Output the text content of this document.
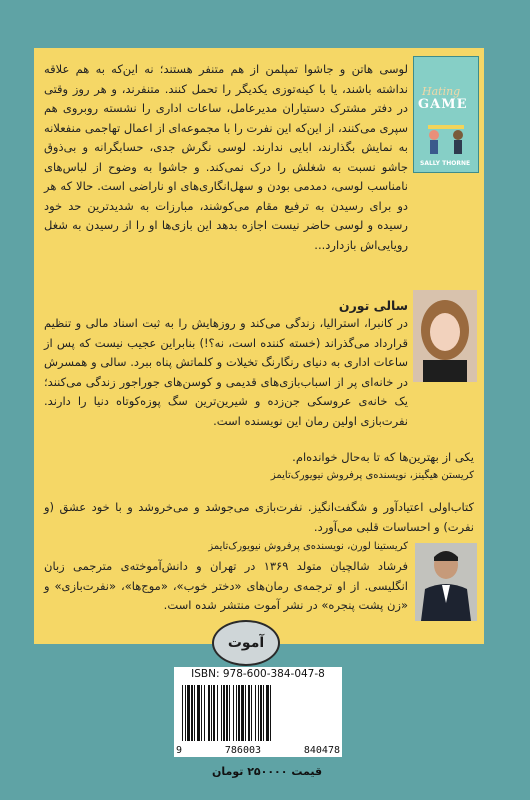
Hating
GAME
SALLY THORNE
لوسی هاتن و جاشوا تمپلمن از هم متنفر هستند؛ نه این‌که به هم علاقه نداشته باشند، یا با کینه‌توزی یکدیگر را تحمل کنند. متنفرند، و هر روز وقتی در دفتر مشترک دستیاران مدیرعامل، ساعات اداری را نشسته روبروی هم سپری می‌کنند، از این‌که این نفرت را با مجموعه‌ای از اعمال تهاجمی منفعلانه به نمایش بگذارند، ابایی ندارند. لوسی نگرش جدی، حسابگرانه و بی‌ذوق جاشو نسبت به شغلش را درک نمی‌کند. و جاشوا به وضوح از لباس‌های نامناسب لوسی، دمدمی بودن و سهل‌انگاری‌های او ناراضی است. حالا که هر دو برای رسیدن به ترفیع مقام می‌کوشند، مبارزات به شدیدترین حد خود رسیده و لوسی حاضر نیست اجازه بدهد این بازی‌ها او را از رسیدن به شغل رویایی‌اش بازدارد...
سالی تورن
در کانبرا، استرالیا، زندگی می‌کند و روزهایش را به ثبت اسناد مالی و تنظیم قرارداد می‌گذراند (خسته کننده است، نه؟!) بنابراین عجیب نیست که پس از ساعات اداری به دنیای رنگارنگ تخیلات و کلماتش پناه ببرد. سالی و همسرش در خانه‌ای پر از اسباب‌بازی‌های قدیمی و کوسن‌های جوراجور زندگی می‌کنند؛ یک خانه‌ی عروسکی جن‌زده و شیرین‌ترین سگ پوزه‌کوتاه دنیا را دارند. نفرت‌بازی اولین رمان این نویسنده است.
یکی از بهترین‌ها که تا به‌حال خوانده‌ام.
کریستن هیگینز، نویسنده‌ی پرفروش نیویورک‌تایمز
کتاب‌اولی اعتیادآور و شگفت‌انگیز. نفرت‌بازی می‌جوشد و می‌خروشد و با خود عشق (و نفرت) و احساسات قلبی می‌آورد.
کریستینا لورن، نویسنده‌ی پرفروش نیویورک‌تایمز
فرشاد شالچیان متولد ۱۳۶۹ در تهران و دانش‌آموخته‌ی مترجمی زبان انگلیسی. از او ترجمه‌ی رمان‌های «دختر خوب»، «موج‌ها»، «نفرت‌بازی» و «زن پشت پنجره» در نشر آموت منتشر شده است.
آموت
ISBN: 978-600-384-047-8
9	786003	840478
قیمت ۲۵۰۰۰۰ تومان
